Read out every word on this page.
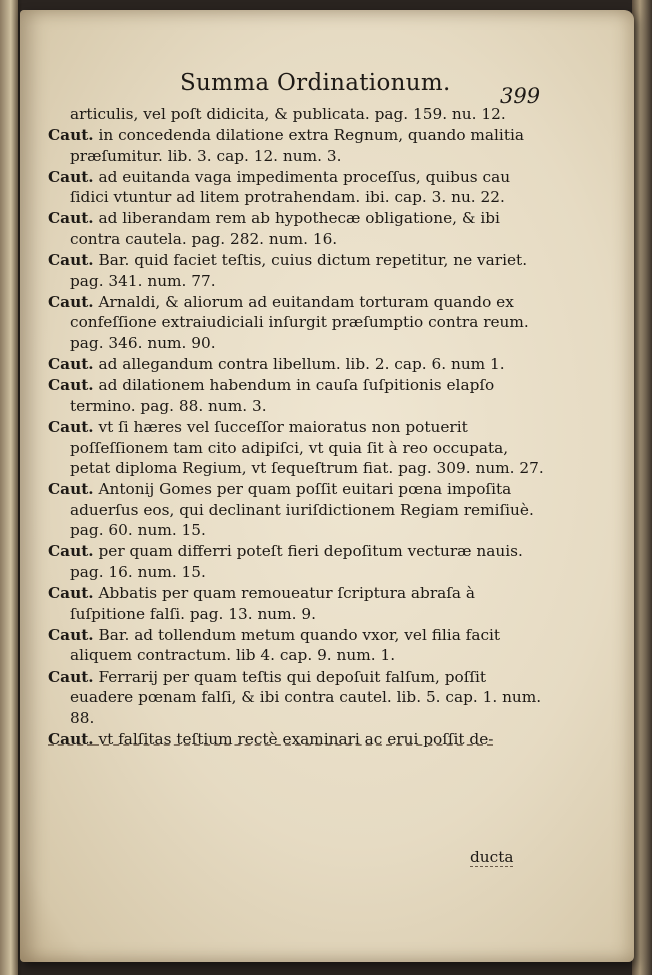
Summa Ordinationum. 399

articulis, vel poſt didicita, & publicata. pag. 159. nu. 12.

Caut. in concedenda dilatione extra Regnum, quando malitia præſumitur. lib. 3. cap. 12. num. 3.

Caut. ad euitanda vaga impedimenta proceſſus, quibus cau ſidici vtuntur ad litem protrahendam. ibi. cap. 3. nu. 22.

Caut. ad liberandam rem ab hypothecæ obligatione, & ibi contra cautela. pag. 282. num. 16.

Caut. Bar. quid faciet teſtis, cuius dictum repetitur, ne variet. pag. 341. num. 77.

Caut. Arnaldi, & aliorum ad euitandam torturam quando ex confeſſione extraiudiciali inſurgit præſumptio contra reum. pag. 346. num. 90.

Caut. ad allegandum contra libellum. lib. 2. cap. 6. num 1.

Caut. ad dilationem habendum in cauſa ſuſpitionis elapſo termino. pag. 88. num. 3.

Caut. vt ſi hæres vel ſucceſſor maioratus non potuerit poſſeſſionem tam cito adipiſci, vt quia ſit à reo occupata, petat diploma Regium, vt ſequeſtrum fiat. pag. 309. num. 27.

Caut. Antonij Gomes per quam poſſit euitari pœna impoſita aduerſus eos, qui declinant iuriſdictionem Regiam remiſiuè. pag. 60. num. 15.

Caut. per quam differri poteſt fieri depoſitum vecturæ nauis. pag. 16. num. 15.

Caut. Abbatis per quam remoueatur ſcriptura abraſa à ſuſpitione falſi. pag. 13. num. 9.

Caut. Bar. ad tollendum metum quando vxor, vel filia facit aliquem contractum. lib 4. cap. 9. num. 1.

Caut. Ferrarij per quam teſtis qui depoſuit falſum, poſſit euadere pœnam falſi, & ibi contra cautel. lib. 5. cap. 1. num. 88.

Caut. vt falſitas teſtium rectè examinari ac erui poſſit de-

ducta
